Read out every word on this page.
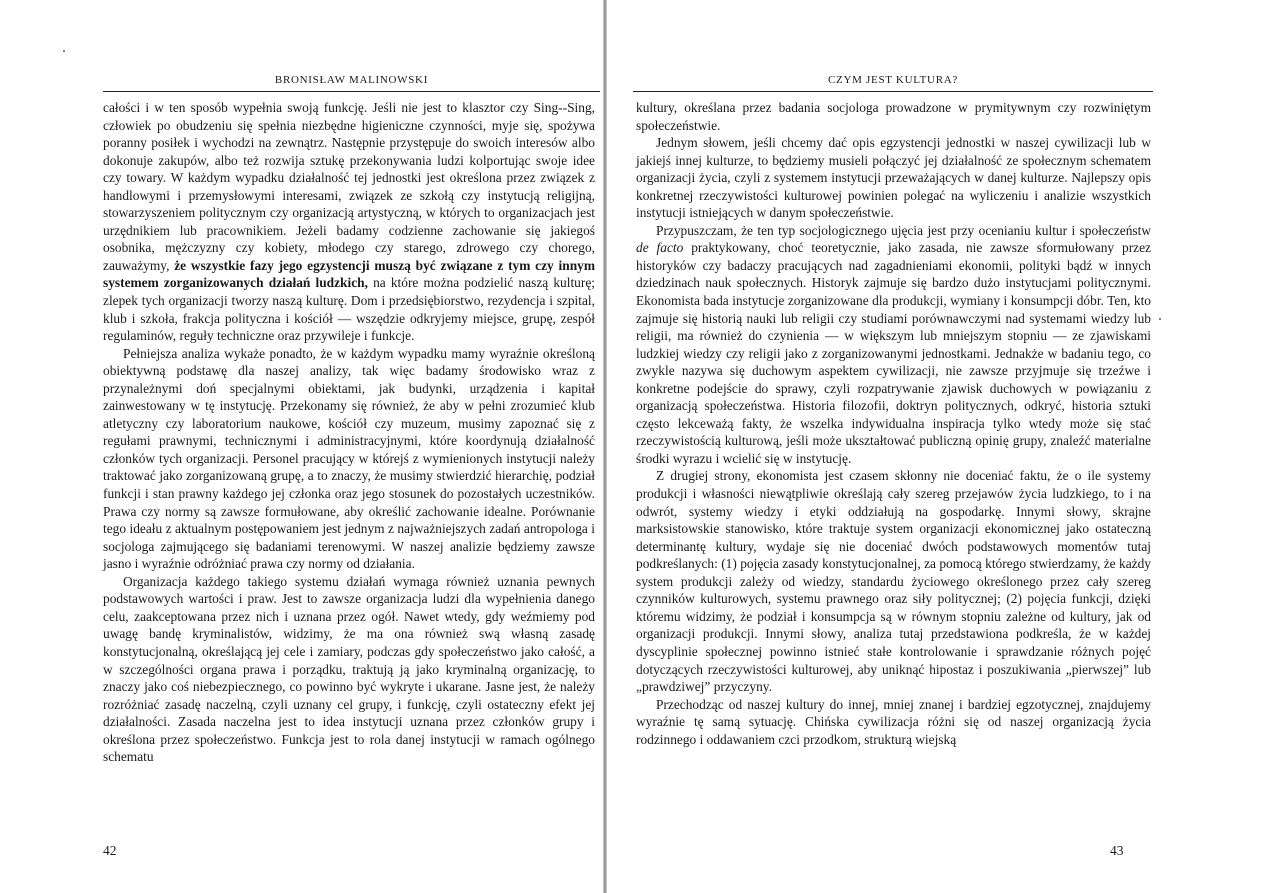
BRONISŁAW MALINOWSKI

całości i w ten sposób wypełnia swoją funkcję. Jeśli nie jest to klasztor czy Sing--Sing, człowiek po obudzeniu się spełnia niezbędne higieniczne czynności, myje się, spożywa poranny posiłek i wychodzi na zewnątrz. Następnie przystępuje do swoich interesów albo dokonuje zakupów, albo też rozwija sztukę przekonywania ludzi kolportując swoje idee czy towary. W każdym wypadku działalność tej jednostki jest określona przez związek z handlowymi i przemysłowymi interesami, związek ze szkołą czy instytucją religijną, stowarzyszeniem politycznym czy organizacją artystyczną, w których to organizacjach jest urzędnikiem lub pracownikiem. Jeżeli badamy codzienne zachowanie się jakiegoś osobnika, mężczyzny czy kobiety, młodego czy starego, zdrowego czy chorego, zauważymy, że wszystkie fazy jego egzystencji muszą być związane z tym czy innym systemem zorganizowanych działań ludzkich, na które można podzielić naszą kulturę; zlepek tych organizacji tworzy naszą kulturę. Dom i przedsiębiorstwo, rezydencja i szpital, klub i szkoła, frakcja polityczna i kościół — wszędzie odkryjemy miejsce, grupę, zespół regulaminów, reguły techniczne oraz przywileje i funkcje.

Pełniejsza analiza wykaże ponadto, że w każdym wypadku mamy wyraźnie określoną obiektywną podstawę dla naszej analizy, tak więc badamy środowisko wraz z przynależnymi doń specjalnymi obiektami, jak budynki, urządzenia i kapitał zainwestowany w tę instytucję. Przekonamy się również, że aby w pełni zrozumieć klub atletyczny czy laboratorium naukowe, kościół czy muzeum, musimy zapoznać się z regułami prawnymi, technicznymi i administracyjnymi, które koordynują działalność członków tych organizacji. Personel pracujący w którejś z wymienionych instytucji należy traktować jako zorganizowaną grupę, a to znaczy, że musimy stwierdzić hierarchię, podział funkcji i stan prawny każdego jej członka oraz jego stosunek do pozostałych uczestników. Prawa czy normy są zawsze formułowane, aby określić zachowanie idealne. Porównanie tego ideału z aktualnym postępowaniem jest jednym z najważniejszych zadań antropologa i socjologa zajmującego się badaniami terenowymi. W naszej analizie będziemy zawsze jasno i wyraźnie odróżniać prawa czy normy od działania.

Organizacja każdego takiego systemu działań wymaga również uznania pewnych podstawowych wartości i praw. Jest to zawsze organizacja ludzi dla wypełnienia danego celu, zaakceptowana przez nich i uznana przez ogół. Nawet wtedy, gdy weźmiemy pod uwagę bandę kryminalistów, widzimy, że ma ona również swą własną zasadę konstytucjonalną, określającą jej cele i zamiary, podczas gdy społeczeństwo jako całość, a w szczególności organa prawa i porządku, traktują ją jako kryminalną organizację, to znaczy jako coś niebezpiecznego, co powinno być wykryte i ukarane. Jasne jest, że należy rozróżniać zasadę naczelną, czyli uznany cel grupy, i funkcję, czyli ostateczny efekt jej działalności. Zasada naczelna jest to idea instytucji uznana przez członków grupy i określona przez społeczeństwo. Funkcja jest to rola danej instytucji w ramach ogólnego schematu

42
CZYM JEST KULTURA?

kultury, określana przez badania socjologa prowadzone w prymitywnym czy rozwiniętym społeczeństwie.

Jednym słowem, jeśli chcemy dać opis egzystencji jednostki w naszej cywilizacji lub w jakiejś innej kulturze, to będziemy musieli połączyć jej działalność ze społecznym schematem organizacji życia, czyli z systemem instytucji przeważających w danej kulturze. Najlepszy opis konkretnej rzeczywistości kulturowej powinien polegać na wyliczeniu i analizie wszystkich instytucji istniejących w danym społeczeństwie.

Przypuszczam, że ten typ socjologicznego ujęcia jest przy ocenianiu kultur i społeczeństw de facto praktykowany, choć teoretycznie, jako zasada, nie zawsze sformułowany przez historyków czy badaczy pracujących nad zagadnieniami ekonomii, polityki bądź w innych dziedzinach nauk społecznych. Historyk zajmuje się bardzo dużo instytucjami politycznymi. Ekonomista bada instytucje zorganizowane dla produkcji, wymiany i konsumpcji dóbr. Ten, kto zajmuje się historią nauki lub religii czy studiami porównawczymi nad systemami wiedzy lub religii, ma również do czynienia — w większym lub mniejszym stopniu — ze zjawiskami ludzkiej wiedzy czy religii jako z zorganizowanymi jednostkami. Jednakże w badaniu tego, co zwykle nazywa się duchowym aspektem cywilizacji, nie zawsze przyjmuje się trzeźwe i konkretne podejście do sprawy, czyli rozpatrywanie zjawisk duchowych w powiązaniu z organizacją społeczeństwa. Historia filozofii, doktryn politycznych, odkryć, historia sztuki często lekceważą fakty, że wszelka indywidualna inspiracja tylko wtedy może się stać rzeczywistością kulturową, jeśli może ukształtować publiczną opinię grupy, znaleźć materialne środki wyrazu i wcielić się w instytucję.

Z drugiej strony, ekonomista jest czasem skłonny nie doceniać faktu, że o ile systemy produkcji i własności niewątpliwie określają cały szereg przejawów życia ludzkiego, to i na odwrót, systemy wiedzy i etyki oddziałują na gospodarkę. Innymi słowy, skrajne marksistowskie stanowisko, które traktuje system organizacji ekonomicznej jako ostateczną determinantę kultury, wydaje się nie doceniać dwóch podstawowych momentów tutaj podkreślanych: (1) pojęcia zasady konstytucjonalnej, za pomocą którego stwierdzamy, że każdy system produkcji zależy od wiedzy, standardu życiowego określonego przez cały szereg czynników kulturowych, systemu prawnego oraz siły politycznej; (2) pojęcia funkcji, dzięki któremu widzimy, że podział i konsumpcja są w równym stopniu zależne od kultury, jak od organizacji produkcji. Innymi słowy, analiza tutaj przedstawiona podkreśla, że w każdej dyscyplinie społecznej powinno istnieć stałe kontrolowanie i sprawdzanie różnych pojęć dotyczących rzeczywistości kulturowej, aby uniknąć hipostaz i poszukiwania „pierwszej” lub „prawdziwej” przyczyny.

Przechodząc od naszej kultury do innej, mniej znanej i bardziej egzotycznej, znajdujemy wyraźnie tę samą sytuację. Chińska cywilizacja różni się od naszej organizacją życia rodzinnego i oddawaniem czci przodkom, strukturą wiejską

43
